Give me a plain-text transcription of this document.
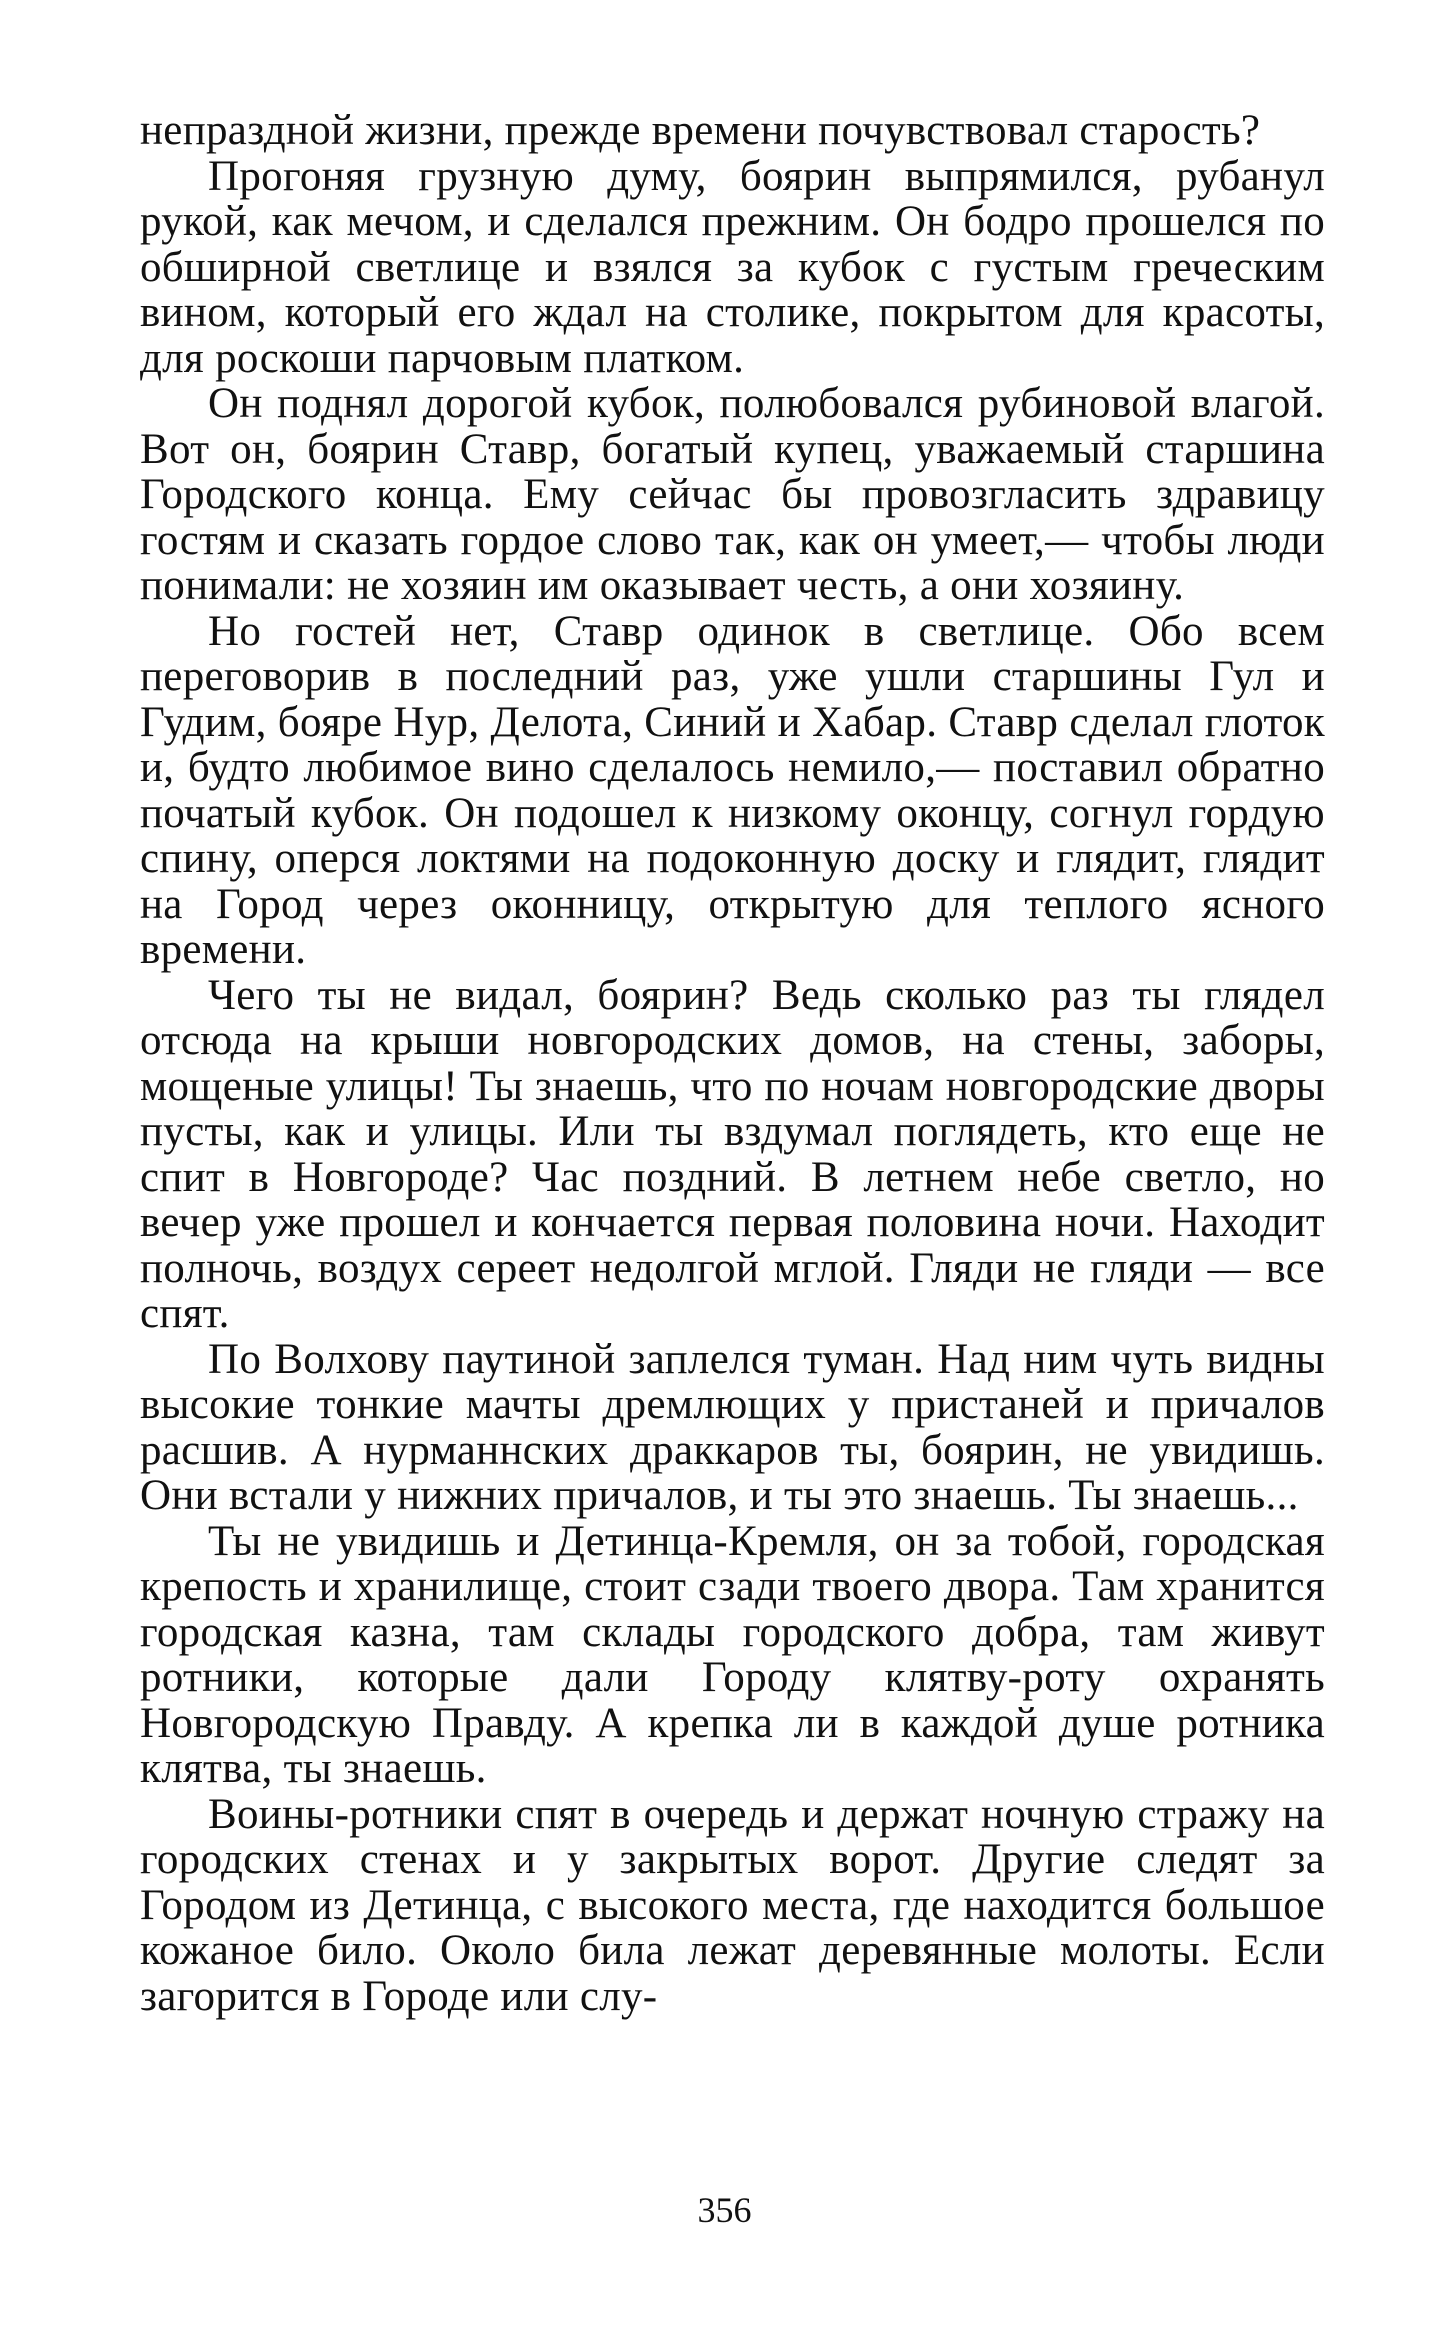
непраздной жизни, прежде времени почувствовал старость?

Прогоняя грузную думу, боярин выпрямился, рубанул рукой, как мечом, и сделался прежним. Он бодро прошелся по обширной светлице и взялся за кубок с густым греческим вином, который его ждал на столике, покрытом для красоты, для роскоши парчовым платком.

Он поднял дорогой кубок, полюбовался рубиновой влагой. Вот он, боярин Ставр, богатый купец, уважаемый старшина Городского конца. Ему сейчас бы провозгласить здравицу гостям и сказать гордое слово так, как он умеет,— чтобы люди понимали: не хозяин им оказывает честь, а они хозяину.

Но гостей нет, Ставр одинок в светлице. Обо всем переговорив в последний раз, уже ушли старшины Гул и Гудим, бояре Нур, Делота, Синий и Хабар. Ставр сделал глоток и, будто любимое вино сделалось немило,— поставил обратно початый кубок. Он подошел к низкому оконцу, согнул гордую спину, оперся локтями на подоконную доску и глядит, глядит на Город через оконницу, открытую для теплого ясного времени.

Чего ты не видал, боярин? Ведь сколько раз ты глядел отсюда на крыши новгородских домов, на стены, заборы, мощеные улицы! Ты знаешь, что по ночам новгородские дворы пусты, как и улицы. Или ты вздумал поглядеть, кто еще не спит в Новгороде? Час поздний. В летнем небе светло, но вечер уже прошел и кончается первая половина ночи. Находит полночь, воздух сереет недолгой мглой. Гляди не гляди — все спят.

По Волхову паутиной заплелся туман. Над ним чуть видны высокие тонкие мачты дремлющих у пристаней и причалов расшив. А нурманнских драккаров ты, боярин, не увидишь. Они встали у нижних причалов, и ты это знаешь. Ты знаешь...

Ты не увидишь и Детинца-Кремля, он за тобой, городская крепость и хранилище, стоит сзади твоего двора. Там хранится городская казна, там склады городского добра, там живут ротники, которые дали Городу клятву-роту охранять Новгородскую Правду. А крепка ли в каждой душе ротника клятва, ты знаешь.

Воины-ротники спят в очередь и держат ночную стражу на городских стенах и у закрытых ворот. Другие следят за Городом из Детинца, с высокого места, где находится большое кожаное било. Около била лежат деревянные молоты. Если загорится в Городе или слу-

356
